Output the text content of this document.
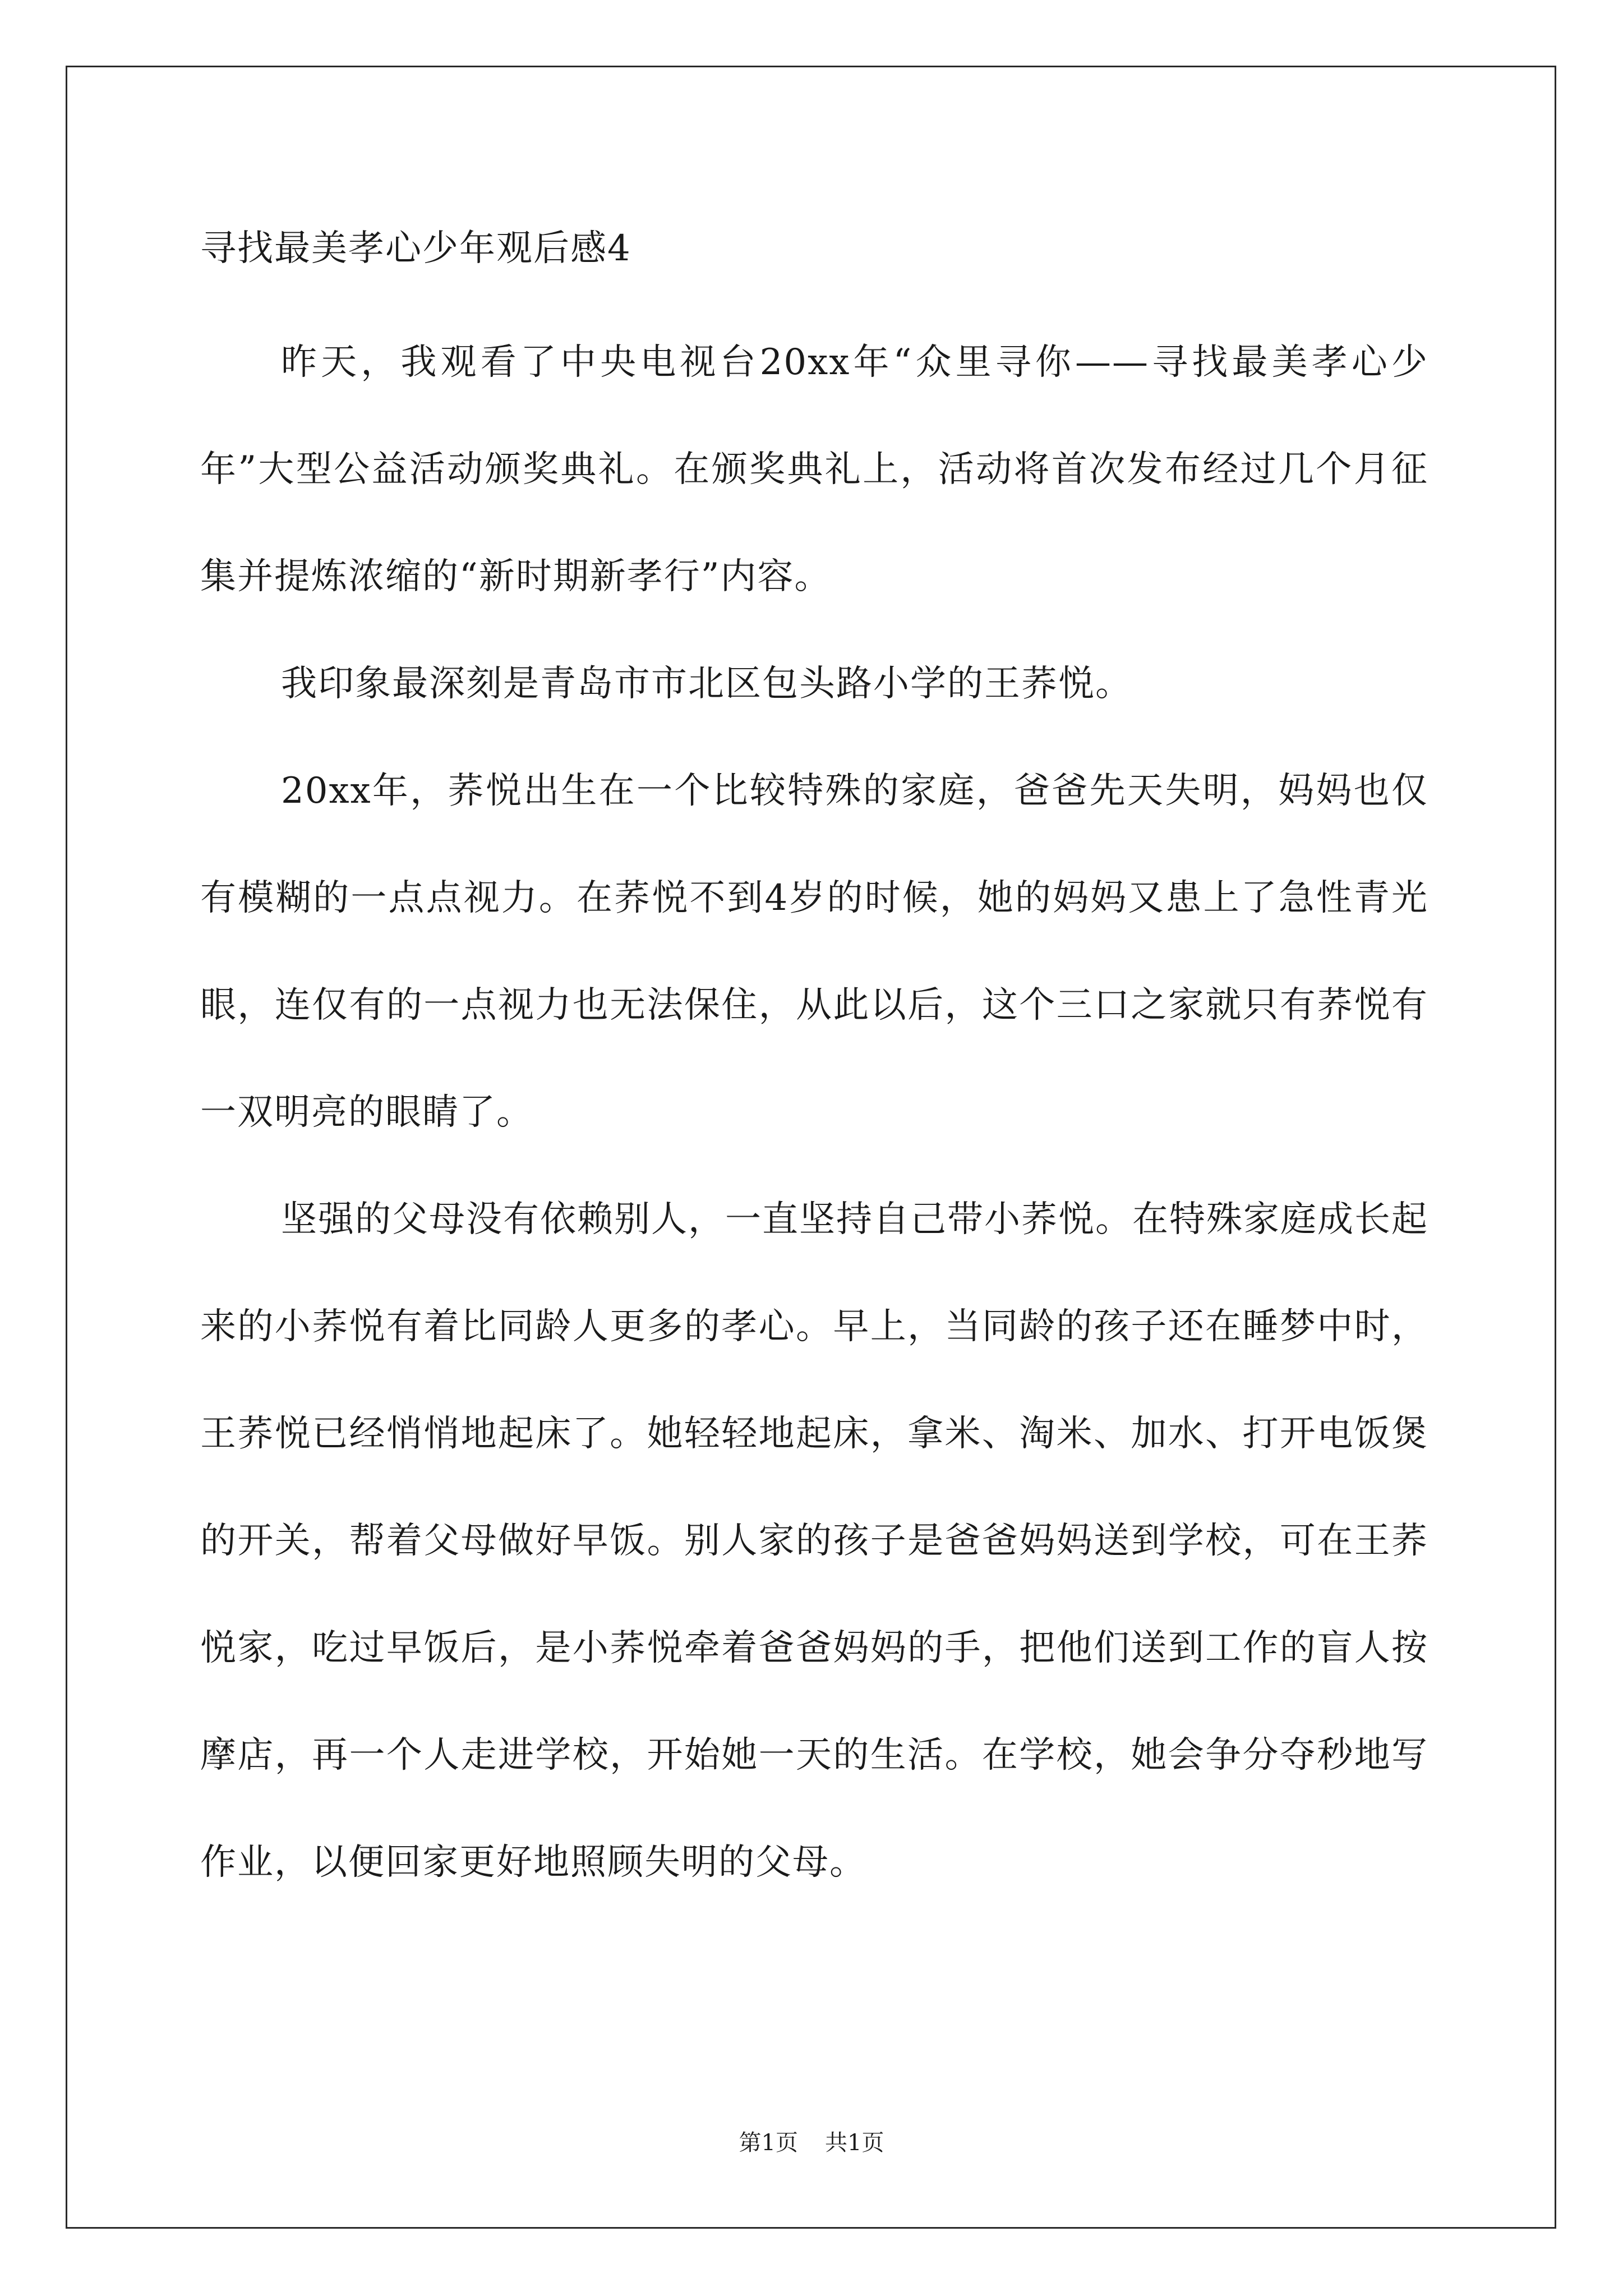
寻找最美孝心少年观后感4

昨天，我观看了中央电视台20xx年“众里寻你——寻找最美孝心少年”大型公益活动颁奖典礼。在颁奖典礼上，活动将首次发布经过几个月征集并提炼浓缩的“新时期新孝行”内容。

我印象最深刻是青岛市市北区包头路小学的王荞悦。

20xx年，荞悦出生在一个比较特殊的家庭，爸爸先天失明，妈妈也仅有模糊的一点点视力。在荞悦不到4岁的时候，她的妈妈又患上了急性青光眼，连仅有的一点视力也无法保住，从此以后，这个三口之家就只有荞悦有一双明亮的眼睛了。

坚强的父母没有依赖别人，一直坚持自己带小荞悦。在特殊家庭成长起来的小荞悦有着比同龄人更多的孝心。早上，当同龄的孩子还在睡梦中时，王荞悦已经悄悄地起床了。她轻轻地起床，拿米、淘米、加水、打开电饭煲的开关，帮着父母做好早饭。别人家的孩子是爸爸妈妈送到学校，可在王荞悦家，吃过早饭后，是小荞悦牵着爸爸妈妈的手，把他们送到工作的盲人按摩店，再一个人走进学校，开始她一天的生活。在学校，她会争分夺秒地写作业，以便回家更好地照顾失明的父母。

第1页 共1页
